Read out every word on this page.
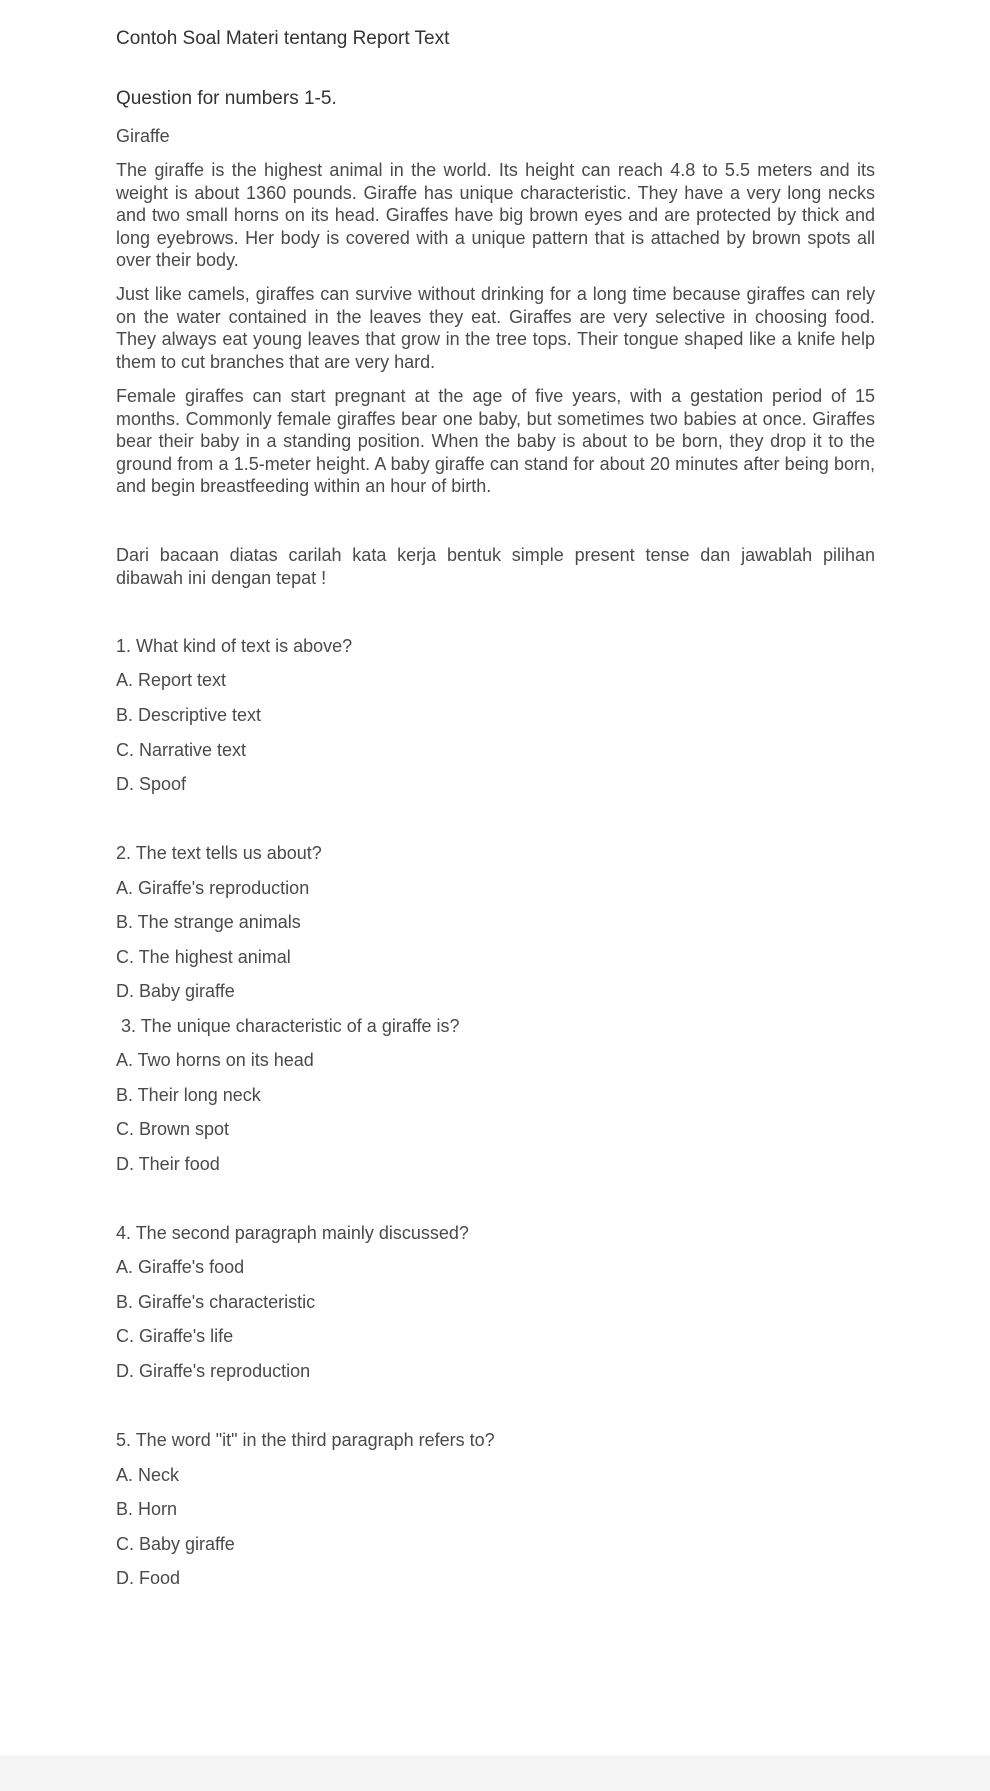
Contoh Soal Materi tentang Report Text
Question for numbers 1-5.

Giraffe

The giraffe is the highest animal in the world. Its height can reach 4.8 to 5.5 meters and its weight is about 1360 pounds. Giraffe has unique characteristic. They have a very long necks and two small horns on its head. Giraffes have big brown eyes and are protected by thick and long eyebrows. Her body is covered with a unique pattern that is attached by brown spots all over their body.

Just like camels, giraffes can survive without drinking for a long time because giraffes can rely on the water contained in the leaves they eat. Giraffes are very selective in choosing food. They always eat young leaves that grow in the tree tops. Their tongue shaped like a knife help them to cut branches that are very hard.

Female giraffes can start pregnant at the age of five years, with a gestation period of 15 months. Commonly female giraffes bear one baby, but sometimes two babies at once. Giraffes bear their baby in a standing position. When the baby is about to be born, they drop it to the ground from a 1.5-meter height. A baby giraffe can stand for about 20 minutes after being born, and begin breastfeeding within an hour of birth.

Dari bacaan diatas carilah kata kerja bentuk simple present tense dan jawablah pilihan dibawah ini dengan tepat !

1. What kind of text is above?

A. Report text

B. Descriptive text

C. Narrative text

D. Spoof

2. The text tells us about?

A. Giraffe's reproduction

B. The strange animals

C. The highest animal

D. Baby giraffe

3. The unique characteristic of a giraffe is?

A. Two horns on its head

B. Their long neck

C. Brown spot

D. Their food

4. The second paragraph mainly discussed?

A. Giraffe's food

B. Giraffe's characteristic

C. Giraffe's life

D. Giraffe's reproduction

5. The word "it" in the third paragraph refers to?

A. Neck

B. Horn

C. Baby giraffe

D. Food
